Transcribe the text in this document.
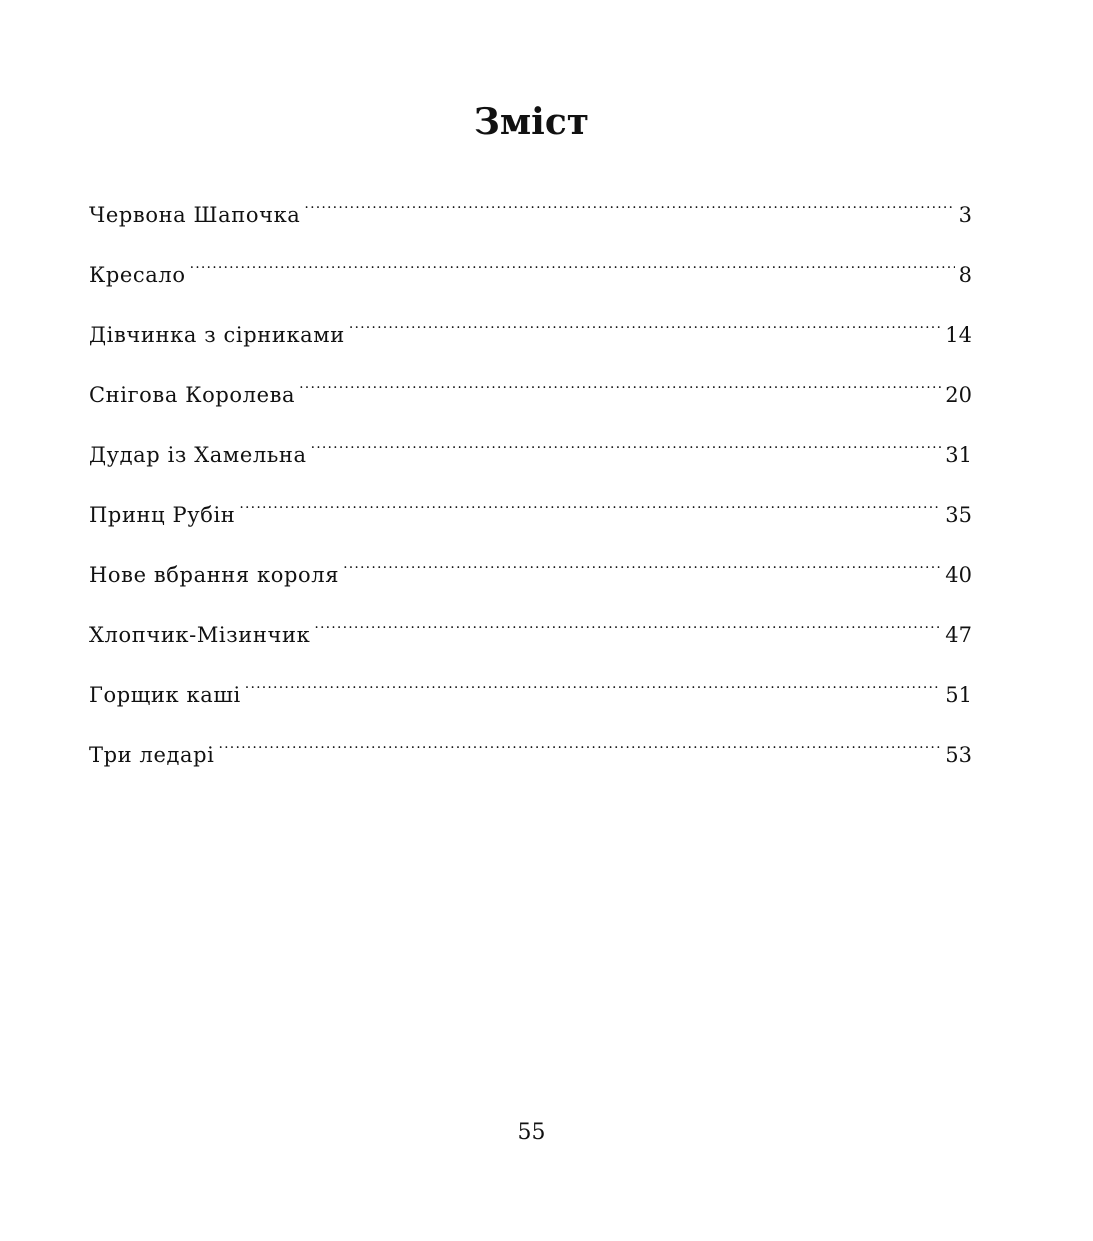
Зміст
Червона Шапочка .....	3
Кресало .....	8
Дівчинка з сірниками .....	14
Снігова Королева .....	20
Дудар із Хамельна .....	31
Принц Рубін .....	35
Нове вбрання короля .....	40
Хлопчик-Мізинчик .....	47
Горщик каші .....	51
Три ледарі .....	53

55
